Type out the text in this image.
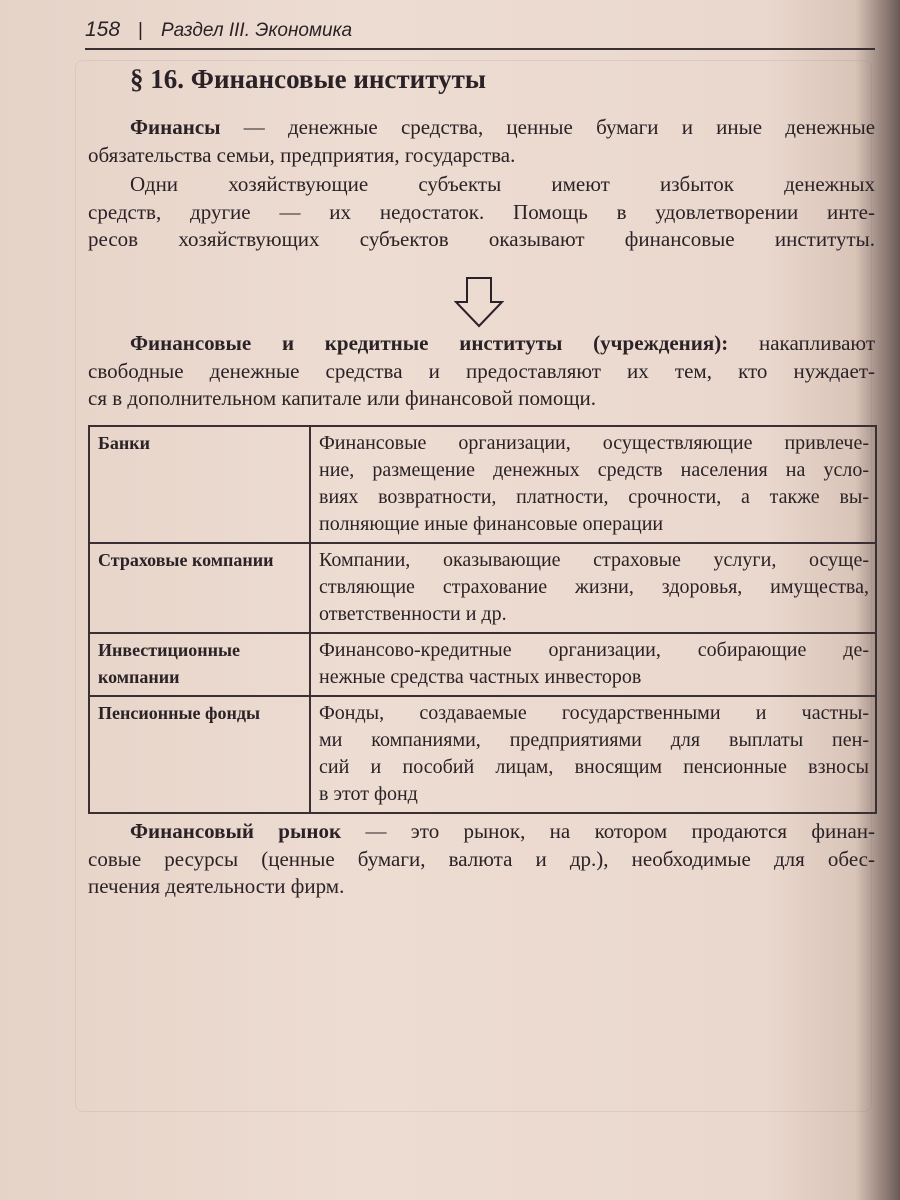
158 | Раздел III. Экономика
§ 16. Финансовые институты
Финансы — денежные средства, ценные бумаги и иные денежные
обязательства семьи, предприятия, государства.
Одни хозяйствующие субъекты имеют избыток денежных
средств, другие — их недостаток. Помощь в удовлетворении инте-
ресов хозяйствующих субъектов оказывают финансовые институты.
Финансовые и кредитные институты (учреждения): накапливают
свободные денежные средства и предоставляют их тем, кто нуждает-
ся в дополнительном капитале или финансовой помощи.
Банки	Финансовые организации, осуществляющие привлече-
ние, размещение денежных средств населения на усло-
виях возвратности, платности, срочности, а также вы-
полняющие иные финансовые операции

Страховые компании	Компании, оказывающие страховые услуги, осуще-
ствляющие страхование жизни, здоровья, имущества,
ответственности и др.

Инвестиционные компании	Финансово-кредитные организации, собирающие де-
нежные средства частных инвесторов

Пенсионные фонды	Фонды, создаваемые государственными и частны-
ми компаниями, предприятиями для выплаты пен-
сий и пособий лицам, вносящим пенсионные взносы
в этот фонд
Финансовый рынок — это рынок, на котором продаются финан-
совые ресурсы (ценные бумаги, валюта и др.), необходимые для обес-
печения деятельности фирм.
